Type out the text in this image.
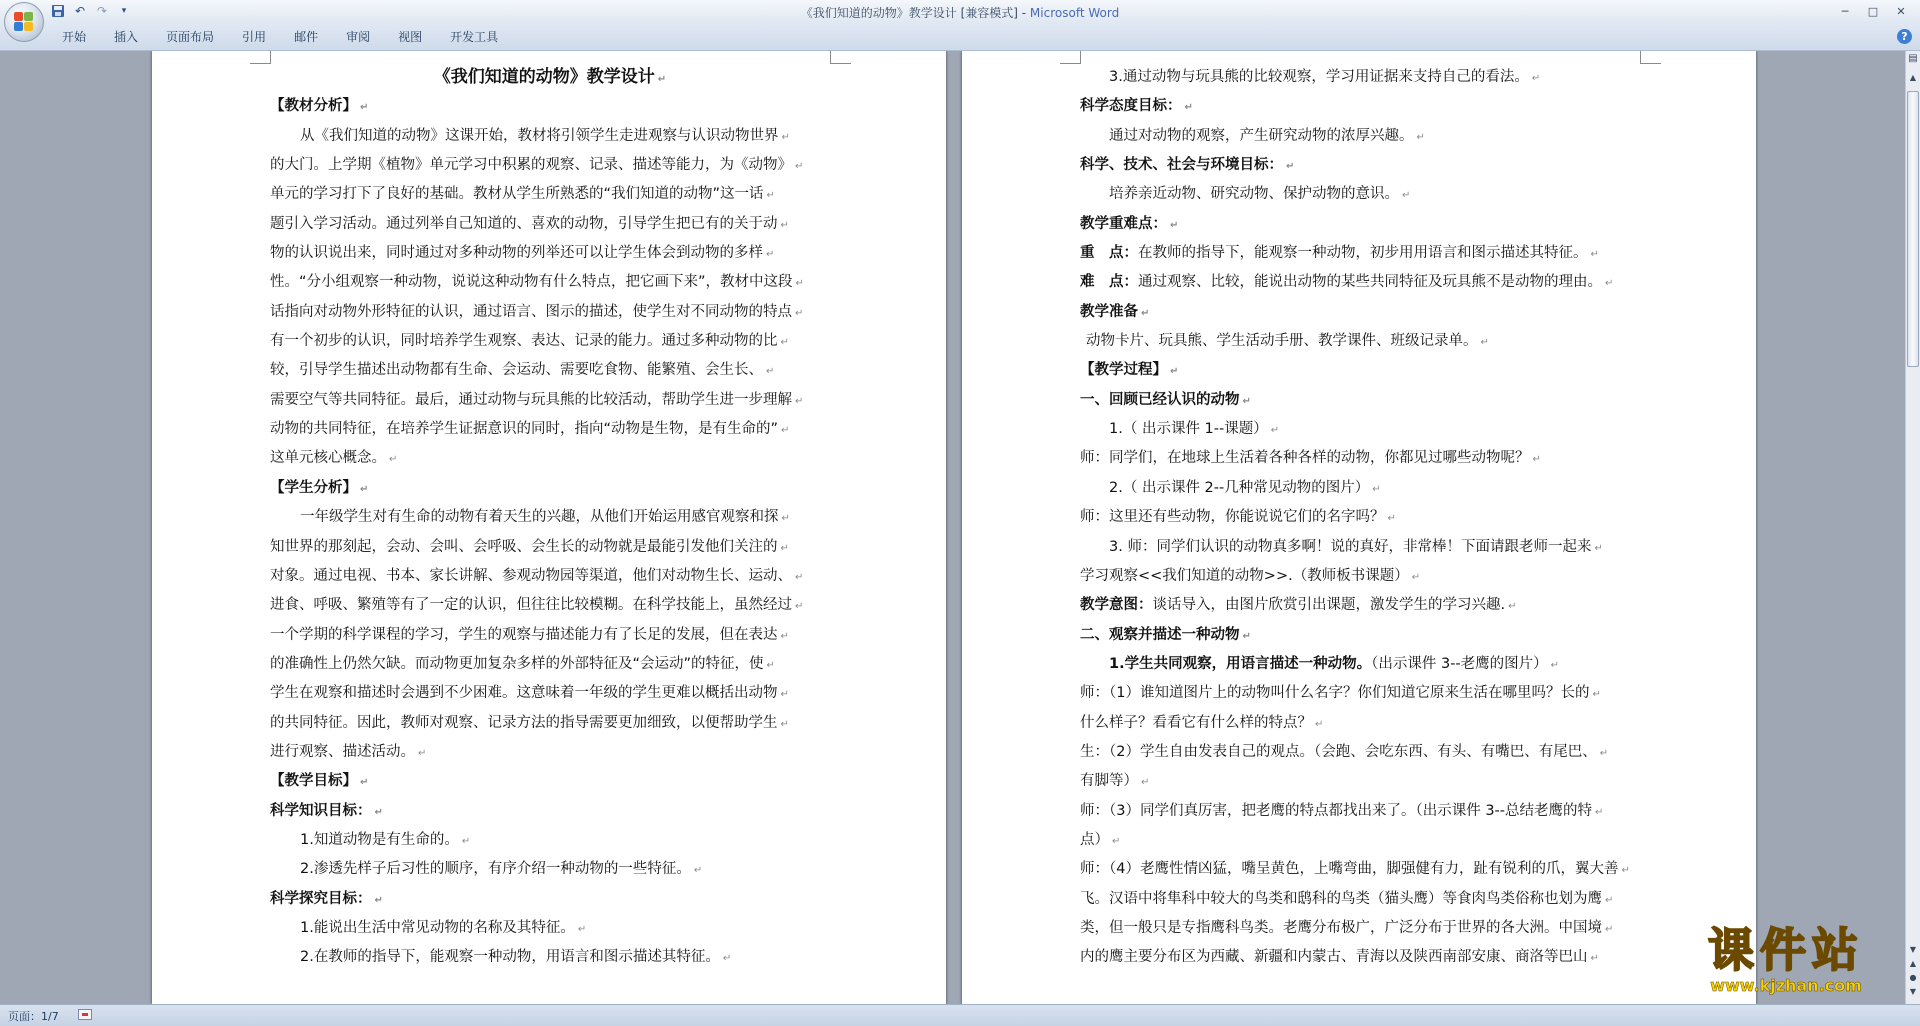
↶ ↷	▾	《我们知道的动物》教学设计 [兼容模式] - Microsoft Word	─	□	✕
开始	插入	页面布局	引用	邮件	审阅	视图	开发工具	?
《我们知道的动物》教学设计 ↵
【教材分析】 ↵
从《我们知道的动物》这课开始，教材将引领学生走进观察与认识动物世界 ↵
的大门。上学期《植物》单元学习中积累的观察、记录、描述等能力，为《动物》 ↵
单元的学习打下了良好的基础。教材从学生所熟悉的“我们知道的动物”这一话 ↵
题引入学习活动。通过列举自己知道的、喜欢的动物，引导学生把已有的关于动 ↵
物的认识说出来，同时通过对多种动物的列举还可以让学生体会到动物的多样 ↵
性。“分小组观察一种动物，说说这种动物有什么特点，把它画下来”，教材中这段 ↵
话指向对动物外形特征的认识，通过语言、图示的描述，使学生对不同动物的特点 ↵
有一个初步的认识，同时培养学生观察、表达、记录的能力。通过多种动物的比 ↵
较，引导学生描述出动物都有生命、会运动、需要吃食物、能繁殖、会生长、 ↵
需要空气等共同特征。最后，通过动物与玩具熊的比较活动，帮助学生进一步理解 ↵
动物的共同特征，在培养学生证据意识的同时，指向“动物是生物，是有生命的” ↵
这单元核心概念。 ↵
【学生分析】 ↵
一年级学生对有生命的动物有着天生的兴趣，从他们开始运用感官观察和探 ↵
知世界的那刻起，会动、会叫、会呼吸、会生长的动物就是最能引发他们关注的 ↵
对象。通过电视、书本、家长讲解、参观动物园等渠道，他们对动物生长、运动、 ↵
进食、呼吸、繁殖等有了一定的认识，但往往比较模糊。在科学技能上，虽然经过 ↵
一个学期的科学课程的学习，学生的观察与描述能力有了长足的发展，但在表达 ↵
的准确性上仍然欠缺。而动物更加复杂多样的外部特征及“会运动”的特征，使 ↵
学生在观察和描述时会遇到不少困难。这意味着一年级的学生更难以概括出动物 ↵
的共同特征。因此，教师对观察、记录方法的指导需要更加细致，以便帮助学生 ↵
进行观察、描述活动。 ↵
【教学目标】 ↵
科学知识目标： ↵
1.知道动物是有生命的。 ↵
2.渗透先样子后习性的顺序，有序介绍一种动物的一些特征。 ↵
科学探究目标： ↵
1.能说出生活中常见动物的名称及其特征。 ↵
2.在教师的指导下，能观察一种动物，用语言和图示描述其特征。 ↵
3.通过动物与玩具熊的比较观察，学习用证据来支持自己的看法。 ↵
科学态度目标： ↵
通过对动物的观察，产生研究动物的浓厚兴趣。 ↵
科学、技术、社会与环境目标： ↵
培养亲近动物、研究动物、保护动物的意识。 ↵
教学重难点： ↵
重　点：在教师的指导下，能观察一种动物，初步用用语言和图示描述其特征。 ↵
难　点：通过观察、比较，能说出动物的某些共同特征及玩具熊不是动物的理由。 ↵
教学准备 ↵
动物卡片、玩具熊、学生活动手册、教学课件、班级记录单。 ↵
【教学过程】 ↵
一、回顾已经认识的动物 ↵
1.（ 出示课件 1--课题） ↵
师：同学们，在地球上生活着各种各样的动物，你都见过哪些动物呢？ ↵
2.（ 出示课件 2--几种常见动物的图片） ↵
师：这里还有些动物，你能说说它们的名字吗？ ↵
3. 师：同学们认识的动物真多啊！说的真好，非常棒！下面请跟老师一起来 ↵
学习观察<<我们知道的动物>>.（教师板书课题） ↵
教学意图：谈话导入，由图片欣赏引出课题，激发学生的学习兴趣. ↵
二、观察并描述一种动物 ↵
1.学生共同观察，用语言描述一种动物。（出示课件 3--老鹰的图片） ↵
师：（1）谁知道图片上的动物叫什么名字？你们知道它原来生活在哪里吗？长的 ↵
什么样子？看看它有什么样的特点？ ↵
生：（2）学生自由发表自己的观点。（会跑、会吃东西、有头、有嘴巴、有尾巴、 ↵
有脚等） ↵
师：（3）同学们真厉害，把老鹰的特点都找出来了。（出示课件 3--总结老鹰的特 ↵
点） ↵
师：（4）老鹰性情凶猛，嘴呈黄色，上嘴弯曲，脚强健有力，趾有锐利的爪，翼大善 ↵
飞。汉语中将隼科中较大的鸟类和鸱科的鸟类（猫头鹰）等食肉鸟类俗称也划为鹰 ↵
类，但一般只是专指鹰科鸟类。老鹰分布极广，广泛分布于世界的各大洲。中国境 ↵
内的鹰主要分布区为西藏、新疆和内蒙古、青海以及陕西南部安康、商洛等巴山 ↵
▤
▲
▼
▲
●
▼
页面：1/7
课件站
www.kjzhan.com
